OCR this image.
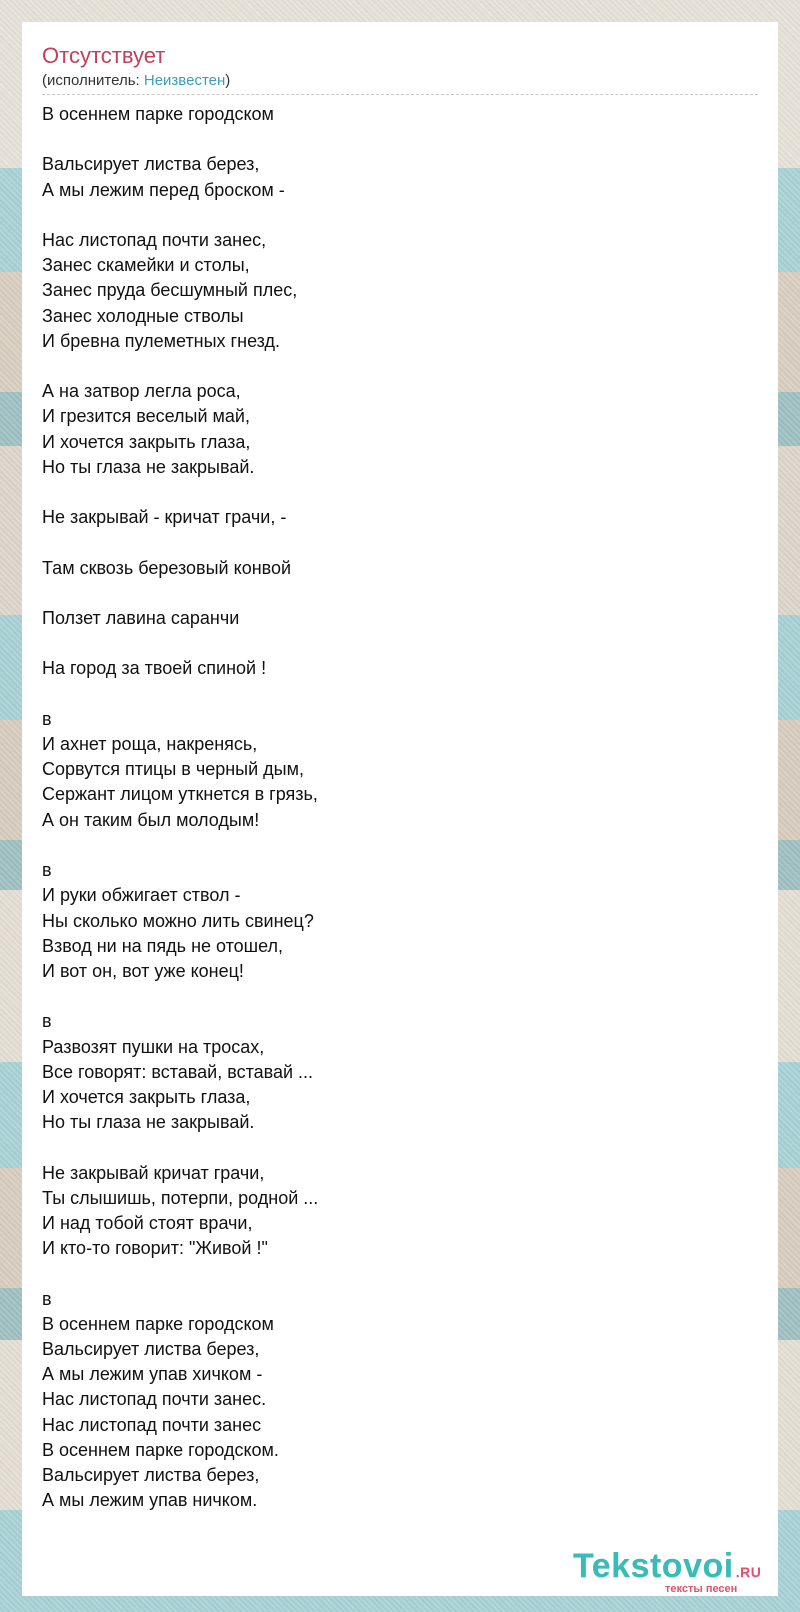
Отсутствует
(исполнитель: Неизвестен)
В осеннем парке городском

Вальсирует листва берез,
А мы лежим перед броском -

Нас листопад почти занес,
Занес скамейки и столы,
Занес пруда бесшумный плес,
Занес холодные стволы
И бревна пулеметных гнезд.

А на затвор легла роса,
И грезится веселый май,
И хочется закрыть глаза,
Но ты глаза не закрывай.

Не закрывай - кричат грачи, -

Там сквозь березовый конвой

Ползет лавина саранчи

На город за твоей спиной !

в
И ахнет роща, накренясь,
Сорвутся птицы в черный дым,
Сержант лицом уткнется в грязь,
А он таким был молодым!

в
И руки обжигает ствол -
Ны сколько можно лить свинец?
Взвод ни на пядь не отошел,
И вот он, вот уже конец!

в
Развозят пушки на тросах,
Все говорят: вставай, вставай ...
И хочется закрыть глаза,
Но ты глаза не закрывай.

Не закрывай кричат грачи,
Ты слышишь, потерпи, родной ...
И над тобой стоят врачи,
И кто-то говорит: "Живой !"

в
В осеннем парке городском
Вальсирует листва берез,
А мы лежим упав хичком -
Нас листопад почти занес.
Нас листопад почти занес
В осеннем парке городском.
Вальсирует листва берез,
А мы лежим упав ничком.
Tekstovoi .RU
тексты песен
